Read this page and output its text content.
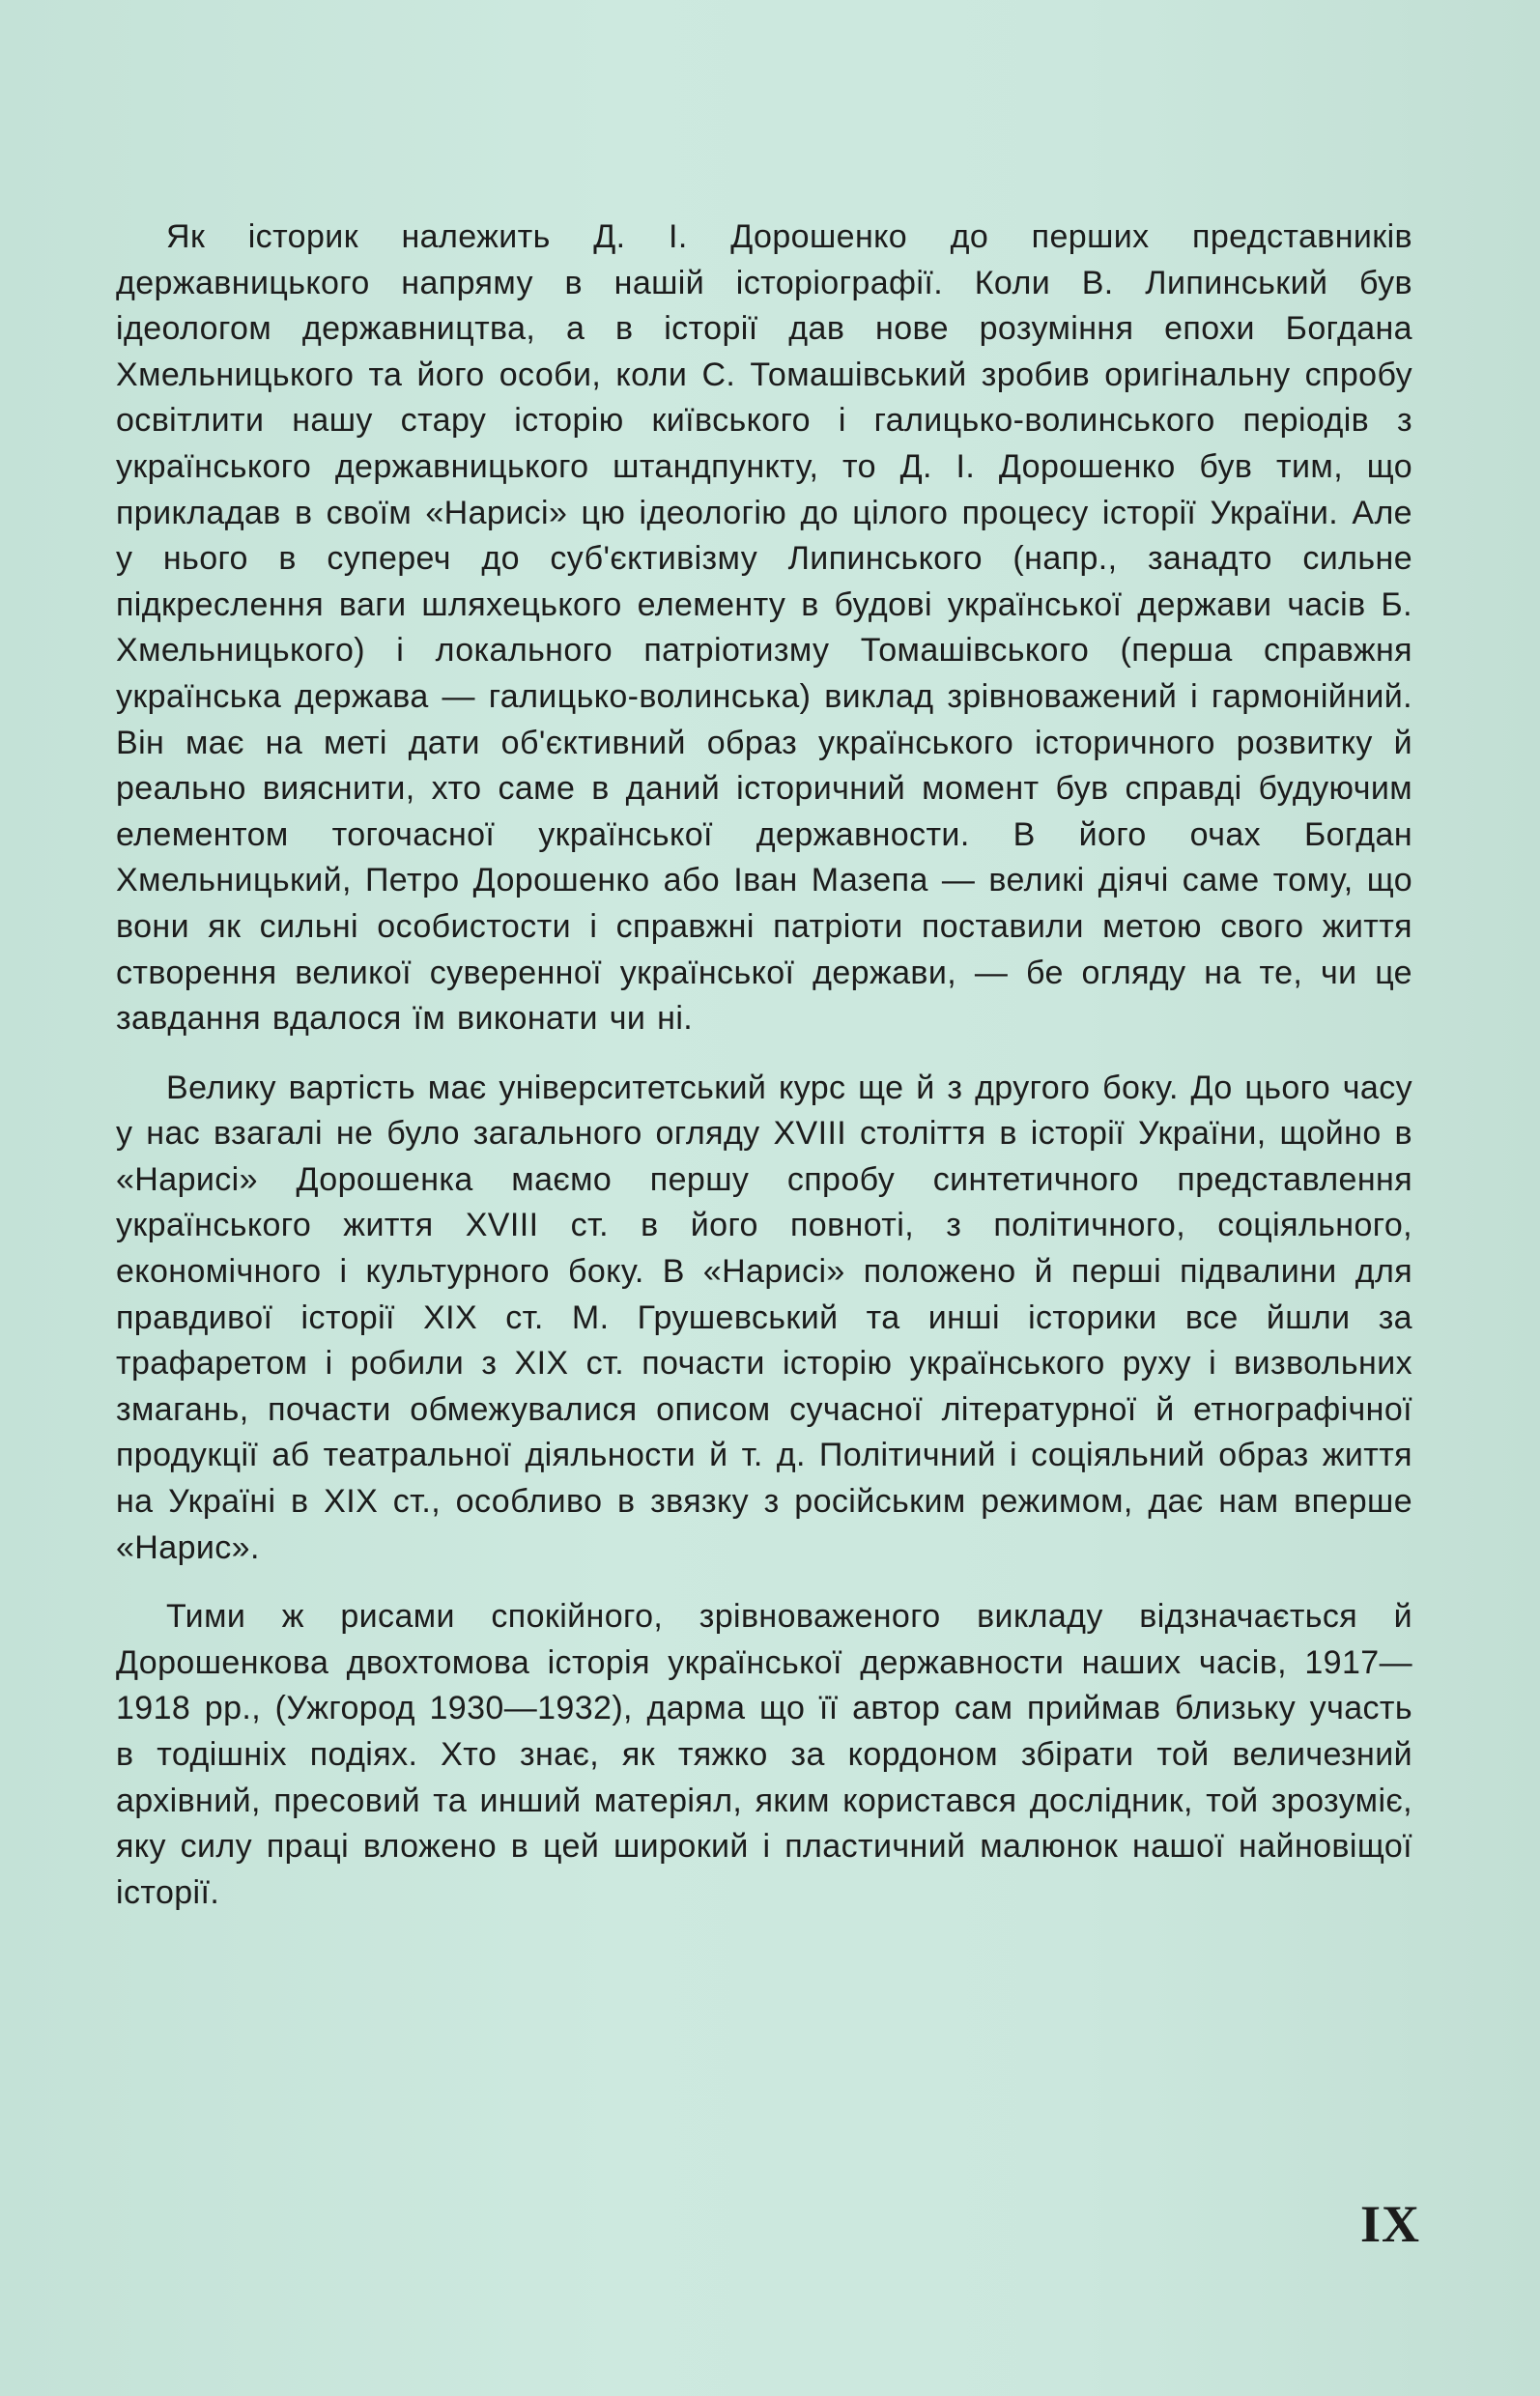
Як історик належить Д. І. Дорошенко до перших представників державницького напряму в нашій історіографії. Коли В. Липинський був ідеологом державництва, а в історії дав нове розуміння епохи Богдана Хмельницького та його особи, коли С. Томашівський зробив оригінальну спробу освітлити нашу стару історію київського і галицько-волинського періодів з українського державницького штандпункту, то Д. І. Дорошенко був тим, що прикладав в своїм «Нарисі» цю ідеологію до цілого процесу історії України. Але у нього в супереч до суб'єктивізму Липинського (напр., занадто сильне підкреслення ваги шляхецького елементу в будові української держави часів Б. Хмельницького) і локального патріотизму Томашівського (перша справжня українська держава — галицько-волинська) виклад зрівноважений і гармонійний. Він має на меті дати об'єктивний образ українського історичного розвитку й реально вияснити, хто саме в даний історичний момент був справді будуючим елементом тогочасної української державности. В його очах Богдан Хмельницький, Петро Дорошенко або Іван Мазепа — великі діячі саме тому, що вони як сильні особистости і справжні патріоти поставили метою свого життя створення великої суверенної української держави, — бе огляду на те, чи це завдання вдалося їм виконати чи ні.

Велику вартість має університетський курс ще й з другого боку. До цього часу у нас взагалі не було загального огляду XVIII століття в історії України, щойно в «Нарисі» Дорошенка маємо першу спробу синтетичного представлення українського життя XVIII ст. в його повноті, з політичного, соціяльного, економічного і культурного боку. В «Нарисі» положено й перші підвалини для правдивої історії XIX ст. М. Грушевський та инші історики все йшли за трафаретом і робили з XIX ст. почасти історію українського руху і визвольних змагань, почасти обмежувалися описом сучасної літературної й етнографічної продукції аб театральної діяльности й т. д. Політичний і соціяльний образ життя на Україні в XIX ст., особливо в звязку з російським режимом, дає нам вперше «Нарис».

Тими ж рисами спокійного, зрівноваженого викладу відзначається й Дорошенкова двохтомова історія української державности наших часів, 1917—1918 рр., (Ужгород 1930—1932), дарма що її автор сам приймав близьку участь в тодішніх подіях. Хто знає, як тяжко за кордоном збірати той величезний архівний, пресовий та инший матеріял, яким користався дослідник, той зрозуміє, яку силу праці вложено в цей широкий і пластичний малюнок нашої найновіщої історії.

IX
